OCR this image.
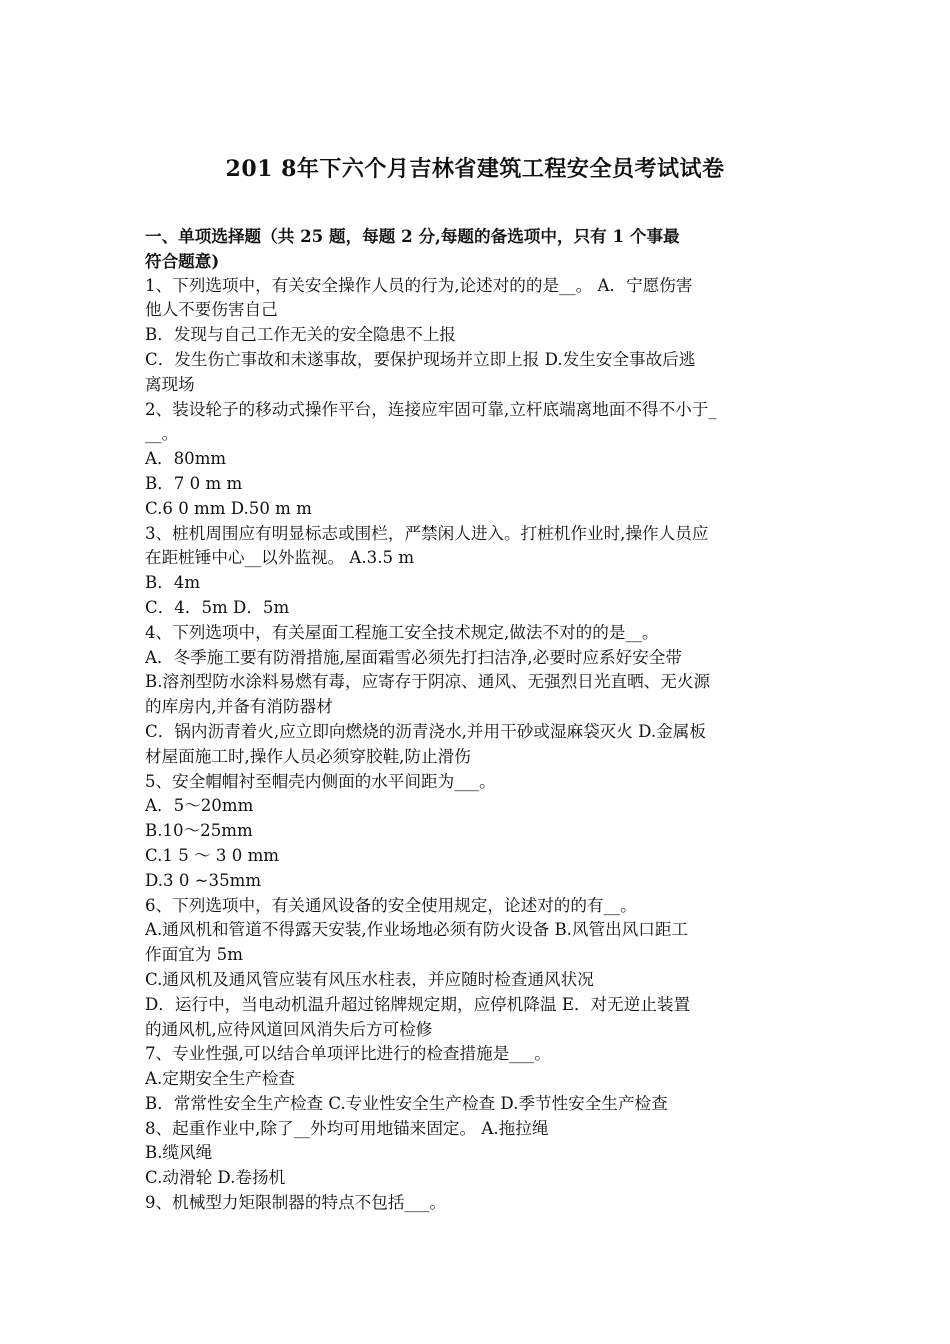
201 8年下六个月吉林省建筑工程安全员考试试卷
一、单项选择题（共 25 题，每题 2 分,每题的备选项中，只有 1 个事最
符合题意)
1、下列选项中，有关安全操作人员的行为,论述对的的是__。 A．宁愿伤害
他人不要伤害自己
B．发现与自己工作无关的安全隐患不上报
C．发生伤亡事故和未遂事故，要保护现场并立即上报 D.发生安全事故后逃
离现场
2、装设轮子的移动式操作平台，连接应牢固可靠,立杆底端离地面不得不小于_
__。
A．80mm
B．7 0 m m
C.6 0 mm D.50 m m
3、桩机周围应有明显标志或围栏，严禁闲人进入。打桩机作业时,操作人员应
在距桩锤中心__以外监视。 A.3.5 m
B．4m
C．4．5m D．5m
4、下列选项中，有关屋面工程施工安全技术规定,做法不对的的是__。
A．冬季施工要有防滑措施,屋面霜雪必须先打扫洁净,必要时应系好安全带
B.溶剂型防水涂料易燃有毒，应寄存于阴凉、通风、无强烈日光直晒、无火源
的库房内,并备有消防器材
C．锅内沥青着火,应立即向燃烧的沥青浇水,并用干砂或湿麻袋灭火 D.金属板
材屋面施工时,操作人员必须穿胶鞋,防止滑伤
5、安全帽帽衬至帽壳内侧面的水平间距为___。
A．5～20mm
B.10～25mm
C.1 5 ～ 3 0 mm
D.3 0 ~35mm
6、下列选项中，有关通风设备的安全使用规定，论述对的的有__。
A.通风机和管道不得露天安装,作业场地必须有防火设备 B.风管出风口距工
作面宜为 5m
C.通风机及通风管应装有风压水柱表，并应随时检查通风状况
D．运行中，当电动机温升超过铭牌规定期，应停机降温 E．对无逆止装置
的通风机,应待风道回风消失后方可检修
7、专业性强,可以结合单项评比进行的检查措施是___。
A.定期安全生产检查
B．常常性安全生产检查 C.专业性安全生产检查 D.季节性安全生产检查
8、起重作业中,除了__外均可用地锚来固定。 A.拖拉绳
B.缆风绳
C.动滑轮 D.卷扬机
9、机械型力矩限制器的特点不包括___。
